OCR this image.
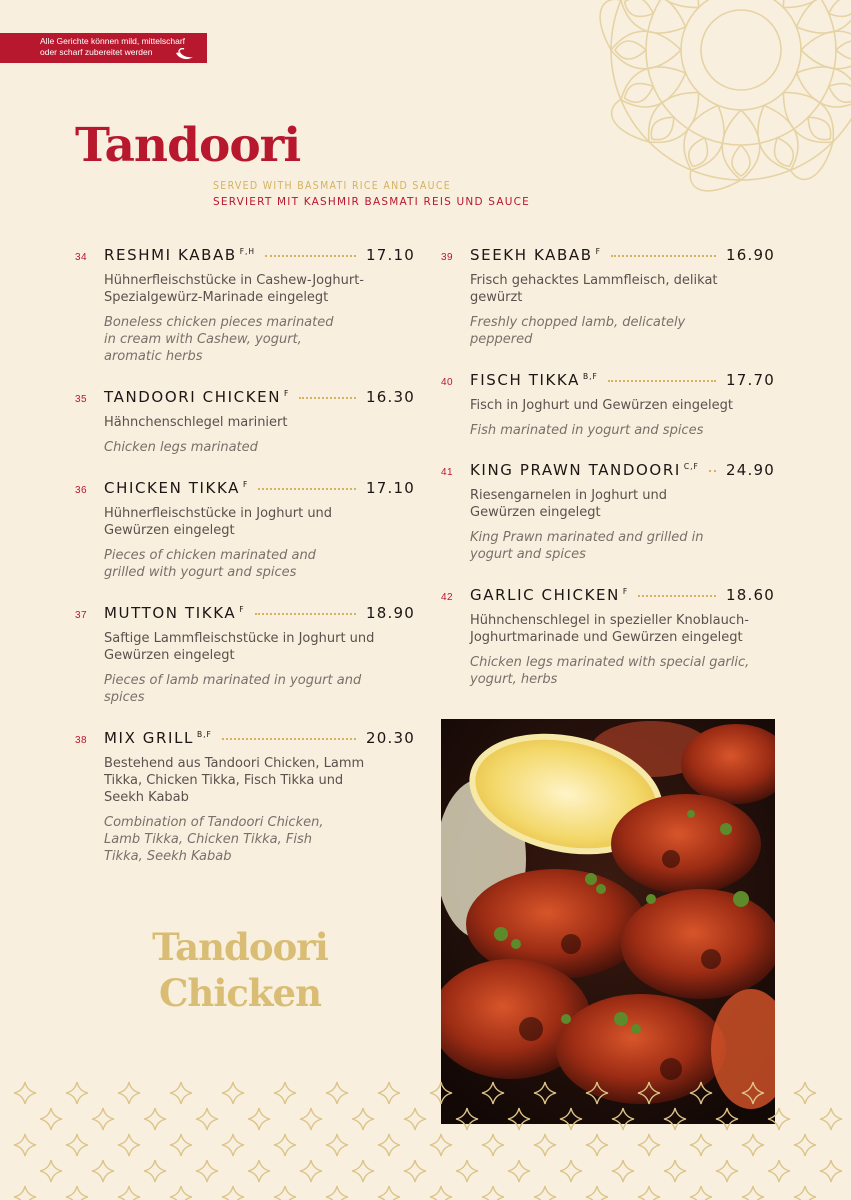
Alle Gerichte können mild, mittelscharf
oder scharf zubereitet werden
Tandoori
SERVED WITH BASMATI RICE AND SAUCE
SERVIERT MIT KASHMIR BASMATI REIS UND SAUCE
34	RESHMI KABAB $^{F,H}$	17.10
Hühnerfleischstücke in Cashew-Joghurt-Spezialgewürz-Marinade eingelegt
Boneless chicken pieces marinated in cream with Cashew, yogurt, aromatic herbs
35	TANDOORI CHICKEN $^F$	16.30
Hähnchenschlegel mariniert
Chicken legs marinated
36	CHICKEN TIKKA $^F$	17.10
Hühnerfleischstücke in Joghurt und Gewürzen eingelegt
Pieces of chicken marinated and grilled with yogurt and spices
37	MUTTON TIKKA $^F$	18.90
Saftige Lammfleischstücke in Joghurt und Gewürzen eingelegt
Pieces of lamb marinated in yogurt and spices
38	MIX GRILL $^{B,F}$	20.30
Bestehend aus Tandoori Chicken, Lamm Tikka, Chicken Tikka, Fisch Tikka und Seekh Kabab
Combination of Tandoori Chicken, Lamb Tikka, Chicken Tikka, Fish Tikka, Seekh Kabab
39	SEEKH KABAB $^F$	16.90
Frisch gehacktes Lammfleisch, delikat gewürzt
Freshly chopped lamb, delicately peppered
40	FISCH TIKKA $^{B,F}$	17.70
Fisch in Joghurt und Gewürzen eingelegt
Fish marinated in yogurt and spices
41	KING PRAWN TANDOORI $^{C,F}$ 24.90
Riesengarnelen in Joghurt und Gewürzen eingelegt
King Prawn marinated and grilled in yogurt and spices
42	GARLIC CHICKEN $^F$	18.60
Hühnchenschlegel in spezieller Knoblauch-Joghurtmarinade und Gewürzen eingelegt
Chicken legs marinated with special garlic, yogurt, herbs
Tandoori
Chicken
